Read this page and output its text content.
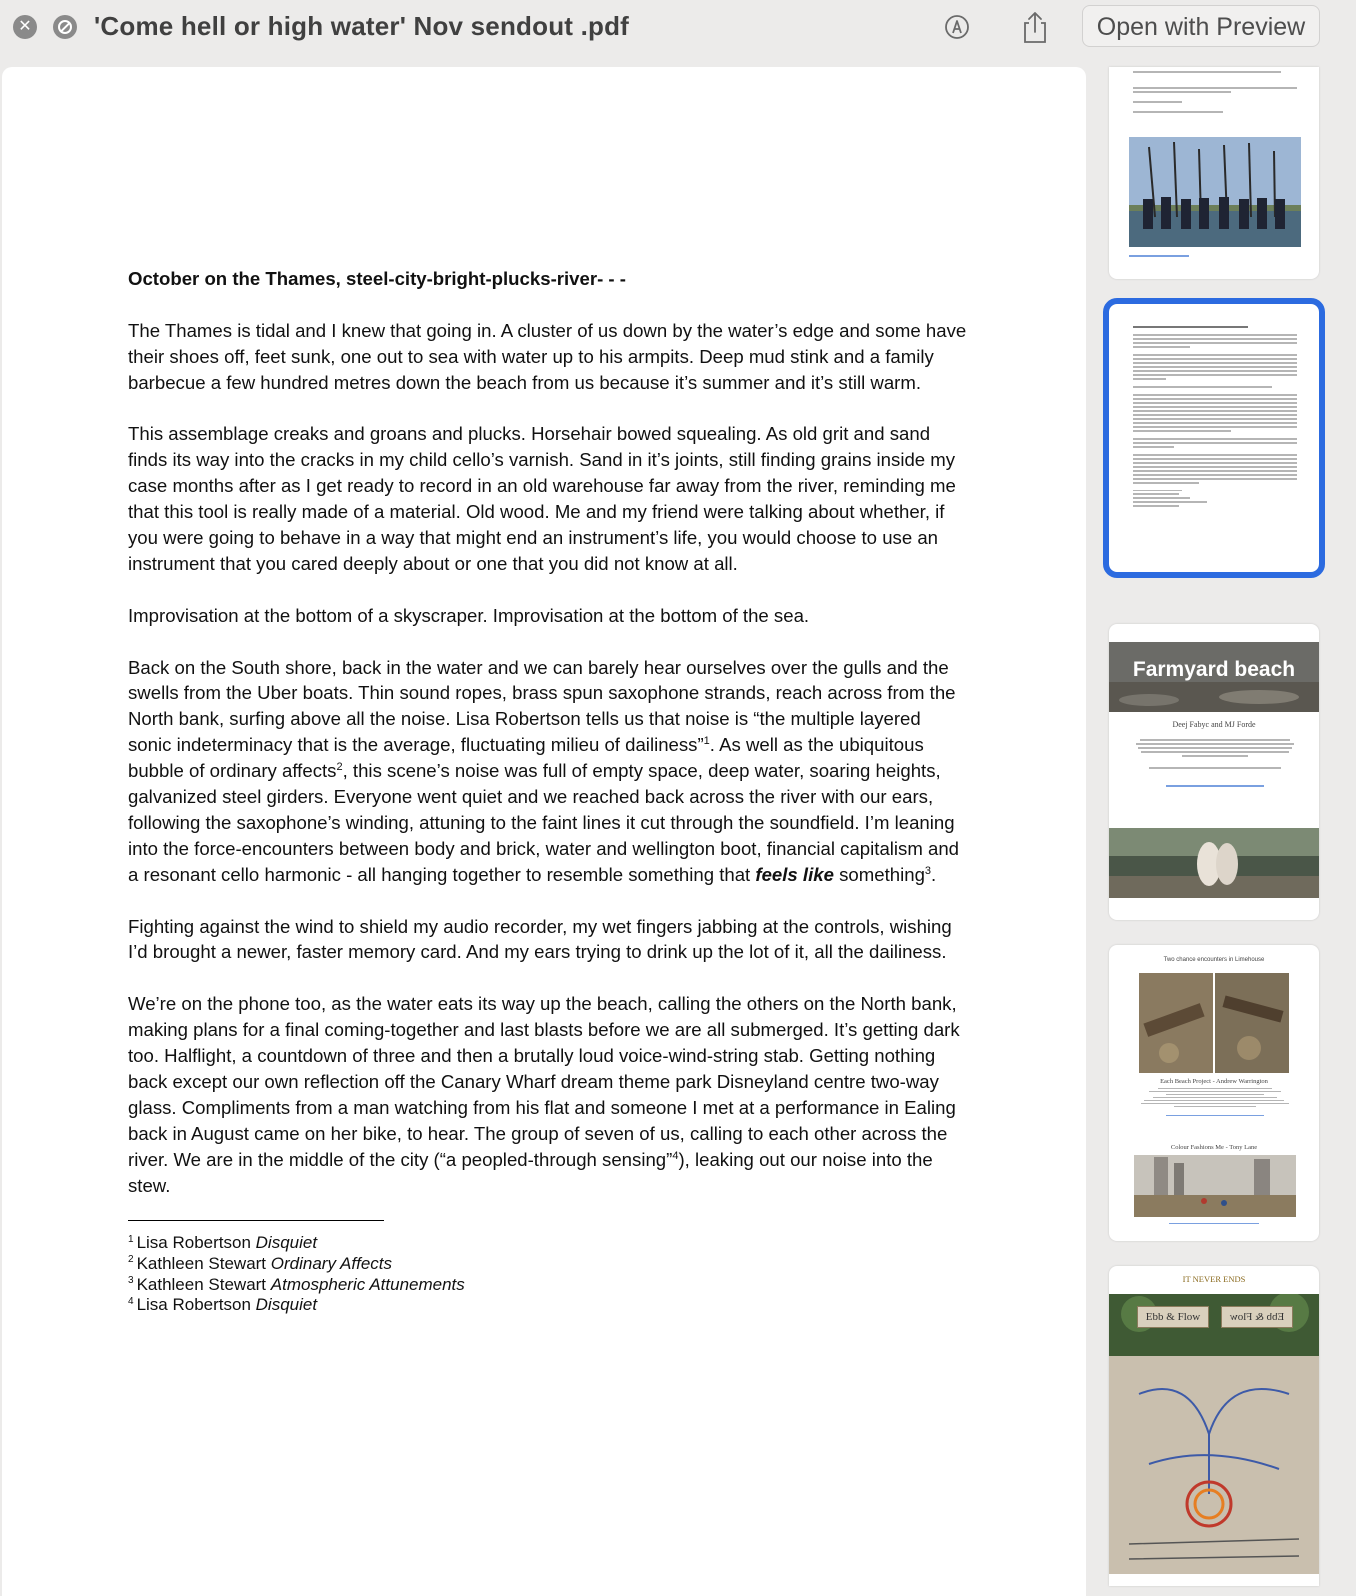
✕ 'Come hell or high water' Nov sendout .pdf	Open with Preview

October on the Thames, steel-city-bright-plucks-river- - -

The Thames is tidal and I knew that going in. A cluster of us down by the water’s edge and some have their shoes off, feet sunk, one out to sea with water up to his armpits. Deep mud stink and a family barbecue a few hundred metres down the beach from us because it’s summer and it’s still warm.

This assemblage creaks and groans and plucks. Horsehair bowed squealing. As old grit and sand finds its way into the cracks in my child cello’s varnish. Sand in it’s joints, still finding grains inside my case months after as I get ready to record in an old warehouse far away from the river, reminding me that this tool is really made of a material. Old wood. Me and my friend were talking about whether, if you were going to behave in a way that might end an instrument’s life, you would choose to use an instrument that you cared deeply about or one that you did not know at all.

Improvisation at the bottom of a skyscraper. Improvisation at the bottom of the sea.

Back on the South shore, back in the water and we can barely hear ourselves over the gulls and the swells from the Uber boats. Thin sound ropes, brass spun saxophone strands, reach across from the North bank, surfing above all the noise. Lisa Robertson tells us that noise is “the multiple layered sonic indeterminacy that is the average, fluctuating milieu of dailiness”$^1$. As well as the ubiquitous bubble of ordinary affects$^2$, this scene’s noise was full of empty space, deep water, soaring heights, galvanized steel girders. Everyone went quiet and we reached back across the river with our ears, following the saxophone’s winding, attuning to the faint lines it cut through the soundfield. I’m leaning into the force-encounters between body and brick, water and wellington boot, financial capitalism and a resonant cello harmonic - all hanging together to resemble something that feels like something$^3$.

Fighting against the wind to shield my audio recorder, my wet fingers jabbing at the controls, wishing I’d brought a newer, faster memory card. And my ears trying to drink up the lot of it, all the dailiness.

We’re on the phone too, as the water eats its way up the beach, calling the others on the North bank, making plans for a final coming-together and last blasts before we are all submerged. It’s getting dark too. Halflight, a countdown of three and then a brutally loud voice-wind-string stab. Getting nothing back except our own reflection off the Canary Wharf dream theme park Disneyland centre two-way glass. Compliments from a man watching from his flat and someone I met at a performance in Ealing back in August came on her bike, to hear. The group of seven of us, calling to each other across the river. We are in the middle of the city (“a peopled-through sensing”$^4$), leaking out our noise into the stew.

$^1$ Lisa Robertson Disquiet
$^2$ Kathleen Stewart Ordinary Affects
$^3$ Kathleen Stewart Atmospheric Attunements
$^4$ Lisa Robertson Disquiet
Farmyard beach
Deej Fabyc and MJ Forde
Two chance encounters in Limehouse
Each Beach Project - Andrew Warrington
Colour Fashions Me - Tony Lane
IT NEVER ENDS
Ebb & Flow	Ebb & Flow
